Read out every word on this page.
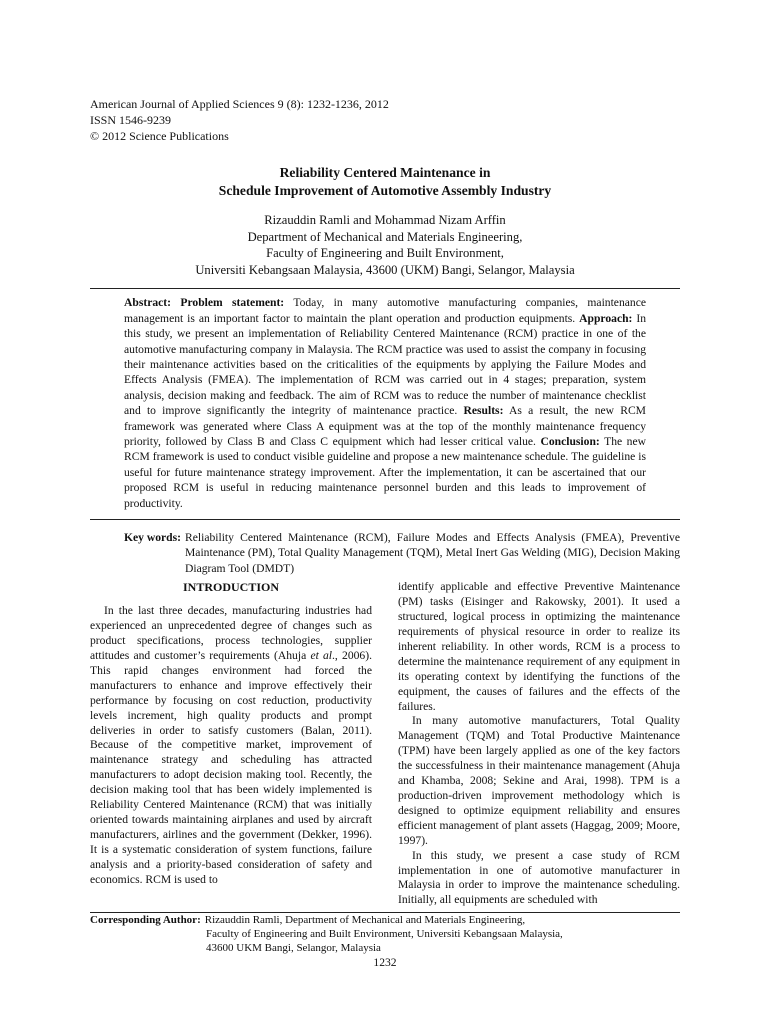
American Journal of Applied Sciences 9 (8): 1232-1236, 2012
ISSN 1546-9239
© 2012 Science Publications
Reliability Centered Maintenance in
Schedule Improvement of Automotive Assembly Industry
Rizauddin Ramli and Mohammad Nizam Arffin
Department of Mechanical and Materials Engineering,
Faculty of Engineering and Built Environment,
Universiti Kebangsaan Malaysia, 43600 (UKM) Bangi, Selangor, Malaysia
Abstract: Problem statement: Today, in many automotive manufacturing companies, maintenance management is an important factor to maintain the plant operation and production equipments. Approach: In this study, we present an implementation of Reliability Centered Maintenance (RCM) practice in one of the automotive manufacturing company in Malaysia. The RCM practice was used to assist the company in focusing their maintenance activities based on the criticalities of the equipments by applying the Failure Modes and Effects Analysis (FMEA). The implementation of RCM was carried out in 4 stages; preparation, system analysis, decision making and feedback. The aim of RCM was to reduce the number of maintenance checklist and to improve significantly the integrity of maintenance practice. Results: As a result, the new RCM framework was generated where Class A equipment was at the top of the monthly maintenance frequency priority, followed by Class B and Class C equipment which had lesser critical value. Conclusion: The new RCM framework is used to conduct visible guideline and propose a new maintenance schedule. The guideline is useful for future maintenance strategy improvement. After the implementation, it can be ascertained that our proposed RCM is useful in reducing maintenance personnel burden and this leads to improvement of productivity.
Key words: Reliability Centered Maintenance (RCM), Failure Modes and Effects Analysis (FMEA), Preventive Maintenance (PM), Total Quality Management (TQM), Metal Inert Gas Welding (MIG), Decision Making Diagram Tool (DMDT)
INTRODUCTION

In the last three decades, manufacturing industries had experienced an unprecedented degree of changes such as product specifications, process technologies, supplier attitudes and customer’s requirements (Ahuja et al., 2006). This rapid changes environment had forced the manufacturers to enhance and improve effectively their performance by focusing on cost reduction, productivity levels increment, high quality products and prompt deliveries in order to satisfy customers (Balan, 2011). Because of the competitive market, improvement of maintenance strategy and scheduling has attracted manufacturers to adopt decision making tool. Recently, the decision making tool that has been widely implemented is Reliability Centered Maintenance (RCM) that was initially oriented towards maintaining airplanes and used by aircraft manufacturers, airlines and the government (Dekker, 1996). It is a systematic consideration of system functions, failure analysis and a priority-based consideration of safety and economics. RCM is used to

identify applicable and effective Preventive Maintenance (PM) tasks (Eisinger and Rakowsky, 2001). It used a structured, logical process in optimizing the maintenance requirements of physical resource in order to realize its inherent reliability. In other words, RCM is a process to determine the maintenance requirement of any equipment in its operating context by identifying the functions of the equipment, the causes of failures and the effects of the failures.

In many automotive manufacturers, Total Quality Management (TQM) and Total Productive Maintenance (TPM) have been largely applied as one of the key factors the successfulness in their maintenance management (Ahuja and Khamba, 2008; Sekine and Arai, 1998). TPM is a production-driven improvement methodology which is designed to optimize equipment reliability and ensures efficient management of plant assets (Haggag, 2009; Moore, 1997).

In this study, we present a case study of RCM implementation in one of automotive manufacturer in Malaysia in order to improve the maintenance scheduling. Initially, all equipments are scheduled with

Corresponding Author: Rizauddin Ramli, Department of Mechanical and Materials Engineering,
Faculty of Engineering and Built Environment, Universiti Kebangsaan Malaysia,
43600 UKM Bangi, Selangor, Malaysia
1232
